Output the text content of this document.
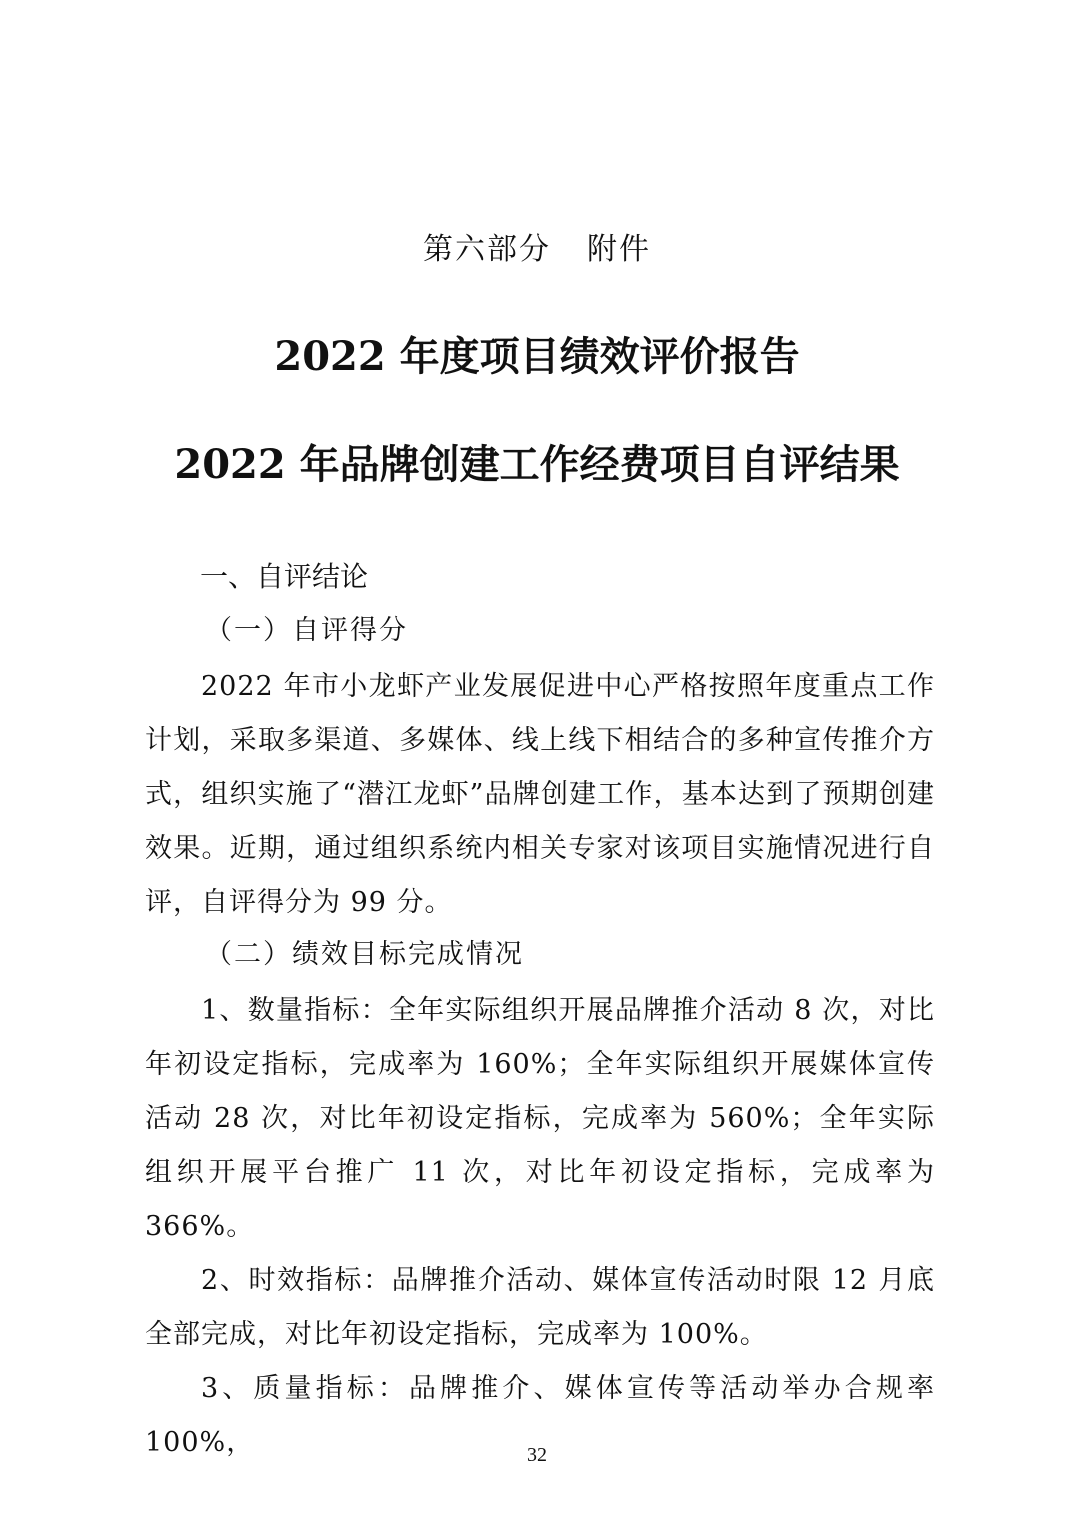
第六部分 附件
2022 年度项目绩效评价报告
2022 年品牌创建工作经费项目自评结果
一、自评结论
（一）自评得分

2022 年市小龙虾产业发展促进中心严格按照年度重点工作计划，采取多渠道、多媒体、线上线下相结合的多种宣传推介方式，组织实施了“潜江龙虾”品牌创建工作，基本达到了预期创建效果。近期，通过组织系统内相关专家对该项目实施情况进行自评，自评得分为 99 分。

（二）绩效目标完成情况

1、数量指标：全年实际组织开展品牌推介活动 8 次，对比年初设定指标，完成率为 160%；全年实际组织开展媒体宣传活动 28 次，对比年初设定指标，完成率为 560%；全年实际组织开展平台推广 11 次，对比年初设定指标，完成率为 366%。

2、时效指标：品牌推介活动、媒体宣传活动时限 12 月底全部完成，对比年初设定指标，完成率为 100%。

3、质量指标：品牌推介、媒体宣传等活动举办合规率 100%，	32
